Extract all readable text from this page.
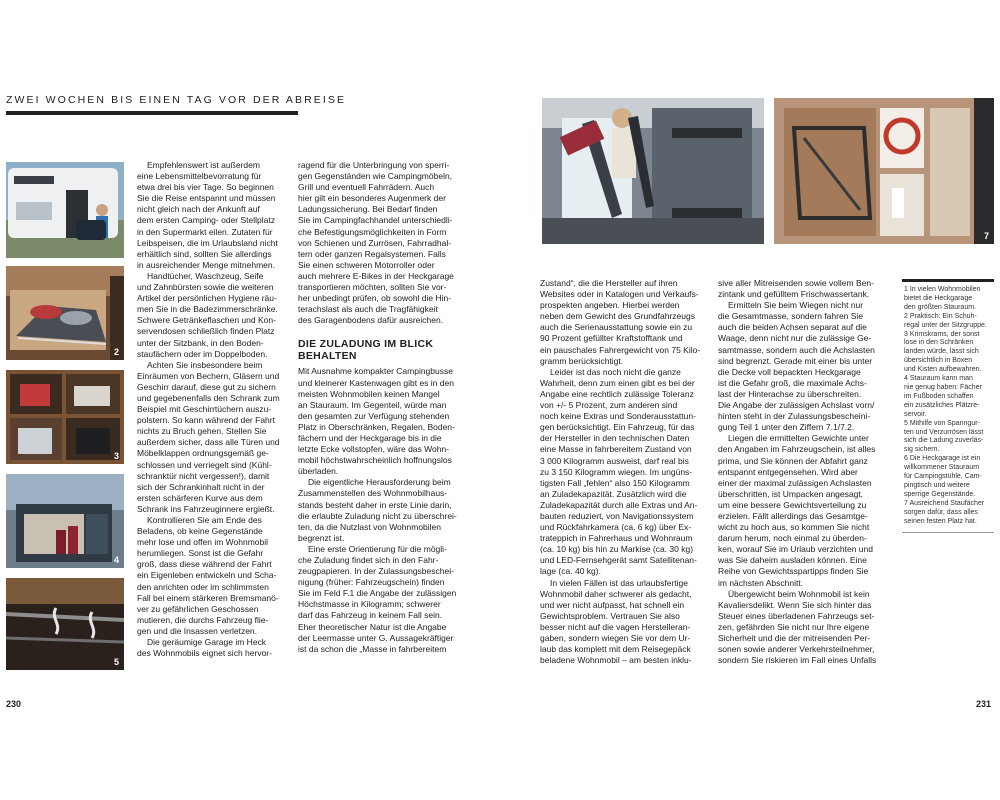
ZWEI WOCHEN BIS EINEN TAG VOR DER ABREISE
2
3
4
5
7

Empfehlenswert ist außerdem
eine Lebensmittelbevorratung für
etwa drei bis vier Tage. So beginnen
Sie die Reise entspannt und müssen
nicht gleich nach der Ankunft auf
dem ersten Camping- oder Stellplatz
in den Supermarkt eilen. Zutaten für
Leibspeisen, die im Urlaubsland nicht
erhältlich sind, sollten Sie allerdings
in ausreichender Menge mitnehmen.

Handtücher, Waschzeug, Seife
und Zahnbürsten sowie die weiteren
Artikel der persönlichen Hygiene räu-
men Sie in die Badezimmerschränke.
Schwere Getränkeflaschen und Kon-
servendosen schließlich finden Platz
unter der Sitzbank, in den Boden-
staufächern oder im Doppelboden.

Achten Sie insbesondere beim
Einräumen von Bechern, Gläsern und
Geschirr darauf, diese gut zu sichern
und gegebenenfalls den Schrank zum
Beispiel mit Geschirrtüchern auszu-
polstern. So kann während der Fahrt
nichts zu Bruch gehen. Stellen Sie
außerdem sicher, dass alle Türen und
Möbelklappen ordnungsgemäß ge-
schlossen und verriegelt sind (Kühl-
schranktür nicht vergessen!), damit
sich der Schrankinhalt nicht in der
ersten schärferen Kurve aus dem
Schrank ins Fahrzeuginnere ergießt.

Kontrollieren Sie am Ende des
Beladens, ob keine Gegenstände
mehr lose und offen im Wohnmobil
herumliegen. Sonst ist die Gefahr
groß, dass diese während der Fahrt
ein Eigenleben entwickeln und Scha-
den anrichten oder im schlimmsten
Fall bei einem stärkeren Bremsmanö-
ver zu gefährlichen Geschossen
mutieren, die durchs Fahrzeug flie-
gen und die Insassen verletzen.

Die geräumige Garage im Heck
des Wohnmobils eignet sich hervor-

ragend für die Unterbringung von sperri-
gen Gegenständen wie Campingmöbeln,
Grill und eventuell Fahrrädern. Auch
hier gilt ein besonderes Augenmerk der
Ladungssicherung. Bei Bedarf finden
Sie im Campingfachhandel unterschiedli-
che Befestigungsmöglichkeiten in Form
von Schienen und Zurrösen, Fahrradhal-
tern oder ganzen Regalsystemen. Falls
Sie einen schweren Motorroller oder
auch mehrere E-Bikes in der Heckgarage
transportieren möchten, sollten Sie vor-
her unbedingt prüfen, ob sowohl die Hin-
terachslast als auch die Tragfähigkeit
des Garagenbodens dafür ausreichen.

DIE ZULADUNG IM BLICK
BEHALTEN

Mit Ausnahme kompakter Campingbusse
und kleinerer Kastenwagen gibt es in den
meisten Wohnmobilen keinen Mangel
an Stauraum. Im Gegenteil, würde man
den gesamten zur Verfügung stehenden
Platz in Oberschränken, Regalen, Boden-
fächern und der Heckgarage bis in die
letzte Ecke vollstopfen, wäre das Wohn-
mobil höchstwahrscheinlich hoffnungslos
überladen.

Die eigentliche Herausforderung beim
Zusammenstellen des Wohnmobilhaus-
stands besteht daher in erste Linie darin,
die erlaubte Zuladung nicht zu überschrei-
ten, da die Nutzlast von Wohnmobilen
begrenzt ist.

Eine erste Orientierung für die mögli-
che Zuladung findet sich in den Fahr-
zeugpapieren. In der Zulassungsbeschei-
nigung (früher: Fahrzeugschein) finden
Sie im Feld F.1 die Angabe der zulässigen
Höchstmasse in Kilogramm; schwerer
darf das Fahrzeug in keinem Fall sein.
Eher theoretischer Natur ist die Angabe
der Leermasse unter G. Aussagekräftiger
ist da schon die „Masse in fahrbereitem

Zustand“, die die Hersteller auf ihren
Websites oder in Katalogen und Verkaufs-
prospekten angeben. Hierbei werden
neben dem Gewicht des Grundfahrzeugs
auch die Serienausstattung sowie ein zu
90 Prozent gefüllter Kraftstofftank und
ein pauschales Fahrergewicht von 75 Kilo-
gramm berücksichtigt.

Leider ist das noch nicht die ganze
Wahrheit, denn zum einen gibt es bei der
Angabe eine rechtlich zulässige Toleranz
von +/- 5 Prozent, zum anderen sind
noch keine Extras und Sonderausstattun-
gen berücksichtigt. Ein Fahrzeug, für das
der Hersteller in den technischen Daten
eine Masse in fahrbereitem Zustand von
3 000 Kilogramm ausweist, darf real bis
zu 3 150 Kilogramm wiegen. Im ungüns-
tigsten Fall „fehlen“ also 150 Kilogramm
an Zuladekapazität. Zusätzlich wird die
Zuladekapazität durch alle Extras und An-
bauten reduziert, von Navigationssystem
und Rückfahrkamera (ca. 6 kg) über Ex-
trateppich in Fahrerhaus und Wohnraum
(ca. 10 kg) bis hin zu Markise (ca. 30 kg)
und LED-Fernsehgerät samt Satellitenan-
lage (ca. 40 kg).

In vielen Fällen ist das urlaubsfertige
Wohnmobil daher schwerer als gedacht,
und wer nicht aufpasst, hat schnell ein
Gewichtsproblem. Vertrauen Sie also
besser nicht auf die vagen Herstelleran-
gaben, sondern wiegen Sie vor dem Ur-
laub das komplett mit dem Reisegepäck
beladene Wohnmobil – am besten inklu-

sive aller Mitreisenden sowie vollem Ben-
zintank und gefülltem Frischwassertank.

Ermitteln Sie beim Wiegen nicht nur
die Gesamtmasse, sondern fahren Sie
auch die beiden Achsen separat auf die
Waage, denn nicht nur die zulässige Ge-
samtmasse, sondern auch die Achslasten
sind begrenzt. Gerade mit einer bis unter
die Decke voll bepackten Heckgarage
ist die Gefahr groß, die maximale Achs-
last der Hinterachse zu überschreiten.
Die Angabe der zulässigen Achslast vorn/
hinten steht in der Zulassungsbescheini-
gung Teil 1 unter den Ziffern 7.1/7.2.

Liegen die ermittelten Gewichte unter
den Angaben im Fahrzeugschein, ist alles
prima, und Sie können der Abfahrt ganz
entspannt entgegensehen. Wird aber
einer der maximal zulässigen Achslasten
überschritten, ist Umpacken angesagt,
um eine bessere Gewichtsverteilung zu
erzielen. Fällt allerdings das Gesamtge-
wicht zu hoch aus, so kommen Sie nicht
darum herum, noch einmal zu überden-
ken, worauf Sie im Urlaub verzichten und
was Sie daheim ausladen können. Eine
Reihe von Gewichtsspartipps finden Sie
im nächsten Abschnitt.

Übergewicht beim Wohnmobil ist kein
Kavaliersdelikt. Wenn Sie sich hinter das
Steuer eines überladenen Fahrzeugs set-
zen, gefährden Sie nicht nur Ihre eigene
Sicherheit und die der mitreisenden Per-
sonen sowie anderer Verkehrsteilnehmer,
sondern Sie riskieren im Fall eines Unfalls

1 In vielen Wohnmobilen
bietet die Heckgarage
den größten Stauraum.
2 Praktisch: Ein Schuh-
regal unter der Sitzgruppe.
3 Krimskrams, der sonst
lose in den Schränken
landen würde, lässt sich
übersichtlich in Boxen
und Kisten aufbewahren.
4 Stauraum kann man
nie genug haben: Fächer
im Fußboden schaffen
ein zusätzliches Plätzre-
servoir.
5 Mithilfe von Spanngur-
ten und Verzurrösen lässt
sich die Ladung zuverläs-
sig sichern.
6 Die Heckgarage ist ein
willkommener Stauraum
für Campingstühle, Cam-
pingtisch und weitere
sperrige Gegenstände.
7 Ausreichend Staufächer
sorgen dafür, dass alles
seinen festen Platz hat.
230	231
